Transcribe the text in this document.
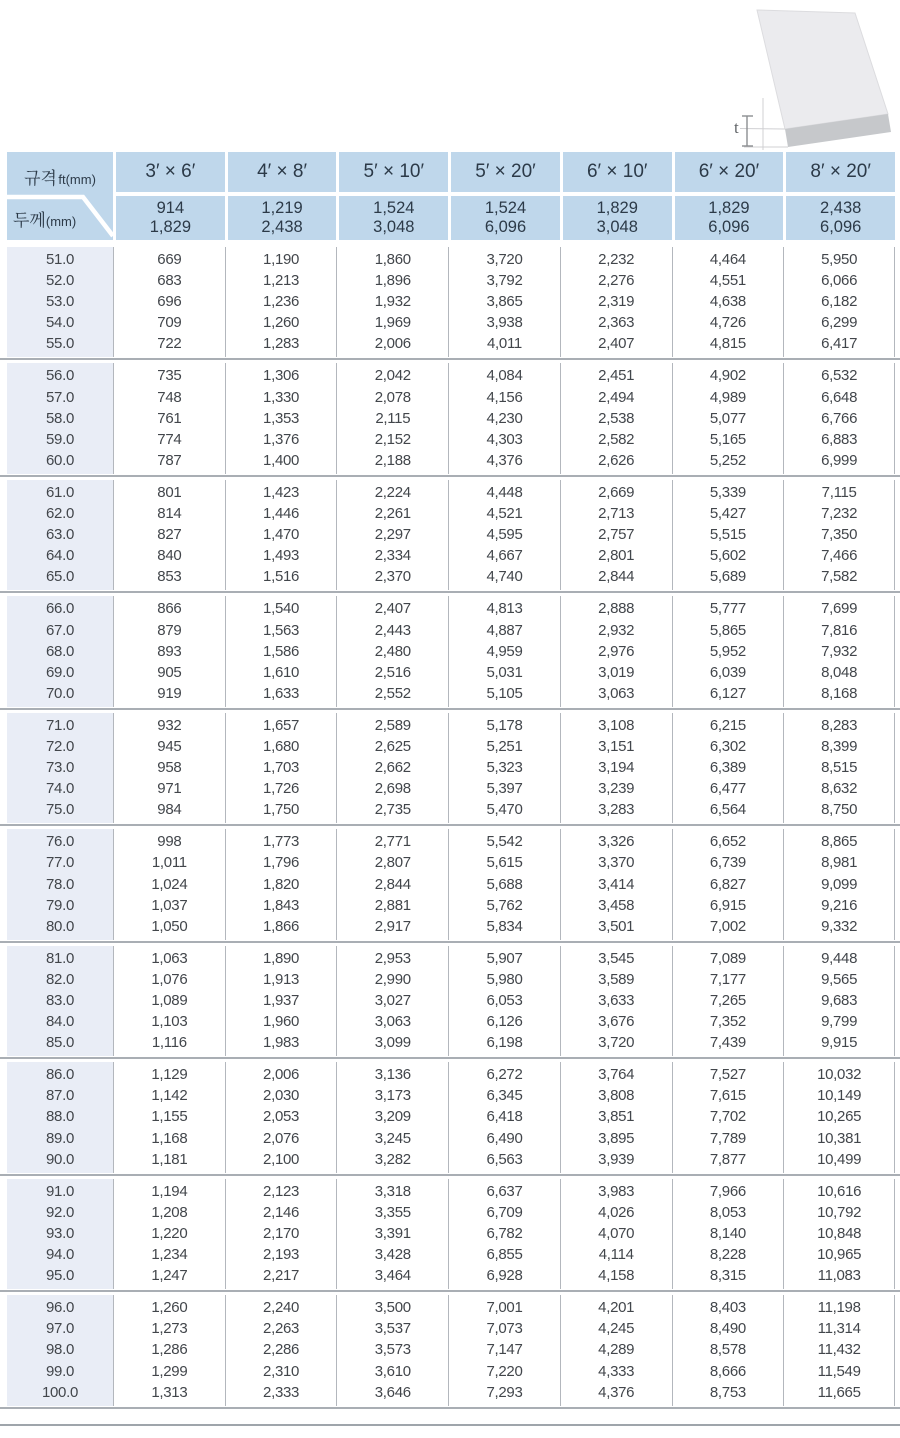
t
규격 ft(mm)
두께(mm)
3′ × 6′
914
1,829
4′ × 8′
1,219
2,438
5′ × 10′
1,524
3,048
5′ × 20′
1,524
6,096
6′ × 10′
1,829
3,048
6′ × 20′
1,829
6,096
8′ × 20′
2,438
6,096
51.0
52.0
53.0
54.0
55.0
669
683
696
709
722
1,190
1,213
1,236
1,260
1,283
1,860
1,896
1,932
1,969
2,006
3,720
3,792
3,865
3,938
4,011
2,232
2,276
2,319
2,363
2,407
4,464
4,551
4,638
4,726
4,815
5,950
6,066
6,182
6,299
6,417
56.0
57.0
58.0
59.0
60.0
735
748
761
774
787
1,306
1,330
1,353
1,376
1,400
2,042
2,078
2,115
2,152
2,188
4,084
4,156
4,230
4,303
4,376
2,451
2,494
2,538
2,582
2,626
4,902
4,989
5,077
5,165
5,252
6,532
6,648
6,766
6,883
6,999
61.0
62.0
63.0
64.0
65.0
801
814
827
840
853
1,423
1,446
1,470
1,493
1,516
2,224
2,261
2,297
2,334
2,370
4,448
4,521
4,595
4,667
4,740
2,669
2,713
2,757
2,801
2,844
5,339
5,427
5,515
5,602
5,689
7,115
7,232
7,350
7,466
7,582
66.0
67.0
68.0
69.0
70.0
866
879
893
905
919
1,540
1,563
1,586
1,610
1,633
2,407
2,443
2,480
2,516
2,552
4,813
4,887
4,959
5,031
5,105
2,888
2,932
2,976
3,019
3,063
5,777
5,865
5,952
6,039
6,127
7,699
7,816
7,932
8,048
8,168
71.0
72.0
73.0
74.0
75.0
932
945
958
971
984
1,657
1,680
1,703
1,726
1,750
2,589
2,625
2,662
2,698
2,735
5,178
5,251
5,323
5,397
5,470
3,108
3,151
3,194
3,239
3,283
6,215
6,302
6,389
6,477
6,564
8,283
8,399
8,515
8,632
8,750
76.0
77.0
78.0
79.0
80.0
998
1,011
1,024
1,037
1,050
1,773
1,796
1,820
1,843
1,866
2,771
2,807
2,844
2,881
2,917
5,542
5,615
5,688
5,762
5,834
3,326
3,370
3,414
3,458
3,501
6,652
6,739
6,827
6,915
7,002
8,865
8,981
9,099
9,216
9,332
81.0
82.0
83.0
84.0
85.0
1,063
1,076
1,089
1,103
1,116
1,890
1,913
1,937
1,960
1,983
2,953
2,990
3,027
3,063
3,099
5,907
5,980
6,053
6,126
6,198
3,545
3,589
3,633
3,676
3,720
7,089
7,177
7,265
7,352
7,439
9,448
9,565
9,683
9,799
9,915
86.0
87.0
88.0
89.0
90.0
1,129
1,142
1,155
1,168
1,181
2,006
2,030
2,053
2,076
2,100
3,136
3,173
3,209
3,245
3,282
6,272
6,345
6,418
6,490
6,563
3,764
3,808
3,851
3,895
3,939
7,527
7,615
7,702
7,789
7,877
10,032
10,149
10,265
10,381
10,499
91.0
92.0
93.0
94.0
95.0
1,194
1,208
1,220
1,234
1,247
2,123
2,146
2,170
2,193
2,217
3,318
3,355
3,391
3,428
3,464
6,637
6,709
6,782
6,855
6,928
3,983
4,026
4,070
4,114
4,158
7,966
8,053
8,140
8,228
8,315
10,616
10,792
10,848
10,965
11,083
96.0
97.0
98.0
99.0
100.0
1,260
1,273
1,286
1,299
1,313
2,240
2,263
2,286
2,310
2,333
3,500
3,537
3,573
3,610
3,646
7,001
7,073
7,147
7,220
7,293
4,201
4,245
4,289
4,333
4,376
8,403
8,490
8,578
8,666
8,753
11,198
11,314
11,432
11,549
11,665
